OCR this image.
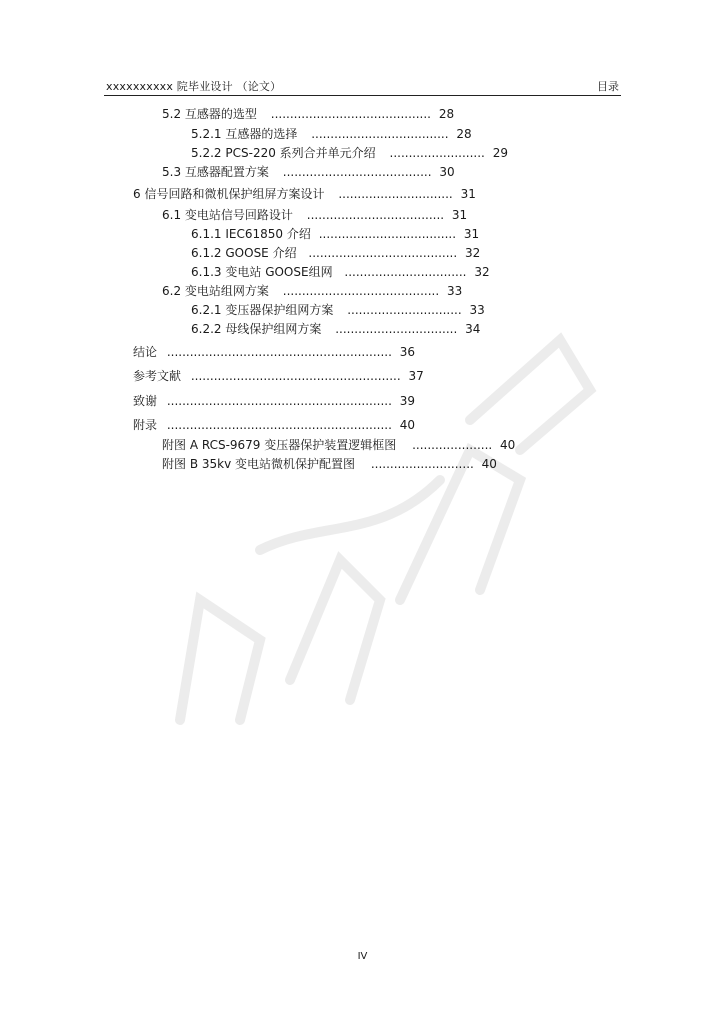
xxxxxxxxxx 院毕业设计 （论文）	目录
5.2 互感器的选型 .......................................... 28
5.2.1 互感器的选择 .................................... 28
5.2.2 PCS-220 系列合并单元介绍 ......................... 29
5.3 互感器配置方案 ....................................... 30
6 信号回路和微机保护组屏方案设计 .............................. 31
6.1 变电站信号回路设计 .................................... 31
6.1.1 IEC61850 介绍 .................................... 31
6.1.2 GOOSE 介绍 ....................................... 32
6.1.3 变电站 GOOSE组网 ................................ 32
6.2 变电站组网方案 ......................................... 33
6.2.1 变压器保护组网方案 .............................. 33
6.2.2 母线保护组网方案 ................................ 34
结论 ........................................................... 36
参考文献 ....................................................... 37
致谢 ........................................................... 39
附录 ........................................................... 40
附图 A RCS-9679 变压器保护装置逻辑框图 ..................... 40
附图 B 35kv 变电站微机保护配置图 ........................... 40
IV
